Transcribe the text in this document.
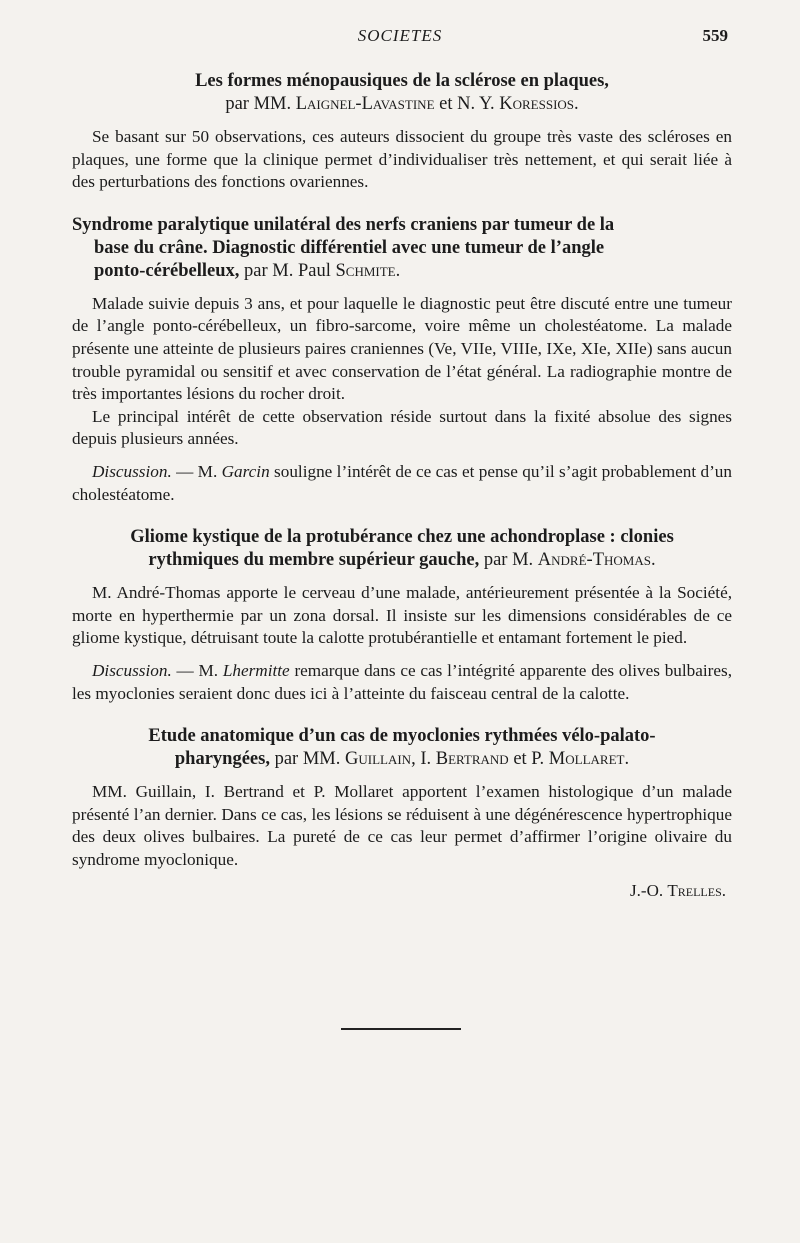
SOCIETES	559
Les formes ménopausiques de la sclérose en plaques,
par MM. Laignel-Lavastine et N. Y. Koressios.

Se basant sur 50 observations, ces auteurs dissocient du groupe très vaste des scléroses en plaques, une forme que la clinique permet d’individualiser très nettement, et qui serait liée à des perturbations des fonctions ovariennes.

Syndrome paralytique unilatéral des nerfs craniens par tumeur de la
base du crâne. Diagnostic différentiel avec une tumeur de l’angle
ponto-cérébelleux, par M. Paul Schmite.

Malade suivie depuis 3 ans, et pour laquelle le diagnostic peut être discuté entre une tumeur de l’angle ponto-cérébelleux, un fibro-sarcome, voire même un cholestéatome. La malade présente une atteinte de plusieurs paires craniennes (Ve, VIIe, VIIIe, IXe, XIe, XIIe) sans aucun trouble pyramidal ou sensitif et avec conservation de l’état général. La radiographie montre de très importantes lésions du rocher droit.

Le principal intérêt de cette observation réside surtout dans la fixité absolue des signes depuis plusieurs années.

Discussion. — M. Garcin souligne l’intérêt de ce cas et pense qu’il s’agit probablement d’un cholestéatome.

Gliome kystique de la protubérance chez une achondroplase : clonies
rythmiques du membre supérieur gauche, par M. André-Thomas.

M. André-Thomas apporte le cerveau d’une malade, antérieurement présentée à la Société, morte en hyperthermie par un zona dorsal. Il insiste sur les dimensions considérables de ce gliome kystique, détruisant toute la calotte protubérantielle et entamant fortement le pied.

Discussion. — M. Lhermitte remarque dans ce cas l’intégrité apparente des olives bulbaires, les myoclonies seraient donc dues ici à l’atteinte du faisceau central de la calotte.

Etude anatomique d’un cas de myoclonies rythmées vélo-palato-
pharyngées, par MM. Guillain, I. Bertrand et P. Mollaret.

MM. Guillain, I. Bertrand et P. Mollaret apportent l’examen histologique d’un malade présenté l’an dernier. Dans ce cas, les lésions se réduisent à une dégénérescence hypertrophique des deux olives bulbaires. La pureté de ce cas leur permet d’affirmer l’origine olivaire du syndrome myoclonique.

J.-O. Trelles.
